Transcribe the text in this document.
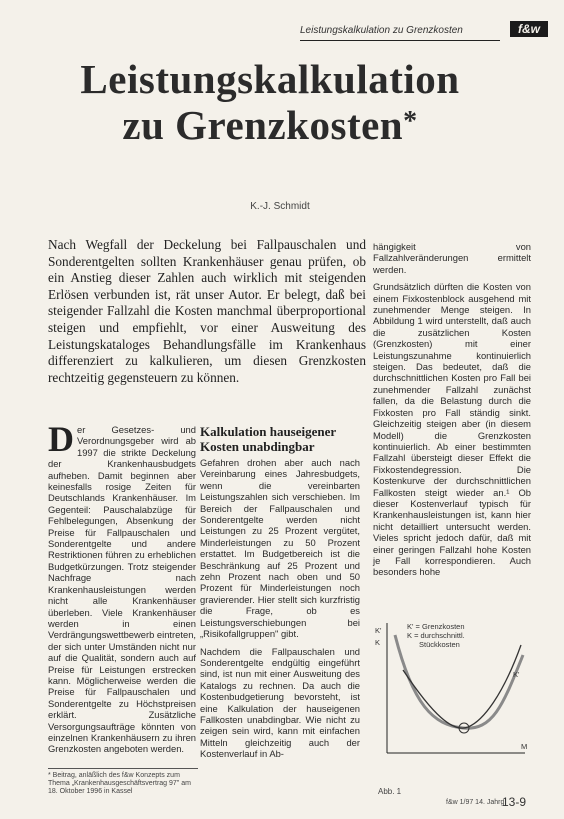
Leistungskalkulation zu Grenzkosten	f&w
Leistungskalkulation
zu Grenzkosten*
K.-J. Schmidt
Nach Wegfall der Deckelung bei Fallpauschalen und Sonderentgelten sollten Krankenhäuser genau prüfen, ob ein Anstieg dieser Zahlen auch wirklich mit steigenden Erlösen verbunden ist, rät unser Autor. Er belegt, daß bei steigender Fallzahl die Kosten manchmal überproportional steigen und empfiehlt, vor einer Ausweitung des Leistungskataloges Behandlungsfälle im Krankenhaus differenziert zu kalkulieren, um diesen Grenzkosten rechtzeitig gegensteuern zu können.
Der Gesetzes- und Verordnungsgeber wird ab 1997 die strikte Deckelung der Krankenhausbudgets aufheben. Damit beginnen aber keinesfalls rosige Zeiten für Deutschlands Krankenhäuser. Im Gegenteil: Pauschalabzüge für Fehlbelegungen, Absenkung der Preise für Fallpauschalen und Sonderentgelte und andere Restriktionen führen zu erheblichen Budgetkürzungen. Trotz steigender Nachfrage nach Krankenhausleistungen werden nicht alle Krankenhäuser überleben. Viele Krankenhäuser werden in einen Verdrängungswettbewerb eintreten, der sich unter Umständen nicht nur auf die Qualität, sondern auch auf Preise für Leistungen erstrecken kann. Möglicherweise werden die Preise für Fallpauschalen und Sonderentgelte zu Höchstpreisen erklärt. Zusätzliche Versorgungsaufträge könnten von einzelnen Krankenhäusern zu ihren Grenzkosten angeboten werden.
Kalkulation hauseigener Kosten unabdingbar

Gefahren drohen aber auch nach Vereinbarung eines Jahresbudgets, wenn die vereinbarten Leistungszahlen sich verschieben. Im Bereich der Fallpauschalen und Sonderentgelte werden nicht Leistungen zu 25 Prozent vergütet, Minderleistungen zu 50 Prozent erstattet. Im Budgetbereich ist die Beschränkung auf 25 Prozent und zehn Prozent nach oben und 50 Prozent für Minderleistungen noch gravierender. Hier stellt sich kurzfristig die Frage, ob es Leistungsverschiebungen bei „Risikofallgruppen" gibt.

Nachdem die Fallpauschalen und Sonderentgelte endgültig eingeführt sind, ist nun mit einer Ausweitung des Katalogs zu rechnen. Da auch die Kostenbudgetierung bevorsteht, ist eine Kalkulation der hauseigenen Fallkosten unabdingbar. Wie nicht zu zeigen sein wird, kann mit einfachen Mitteln gleichzeitig auch der Kostenverlauf in Ab-

hängigkeit von Fallzahlveränderungen ermittelt werden.

Grundsätzlich dürften die Kosten von einem Fixkostenblock ausgehend mit zunehmender Menge steigen. In Abbildung 1 wird unterstellt, daß auch die zusätzlichen Kosten (Grenzkosten) mit einer Leistungszunahme kontinuierlich steigen. Das bedeutet, daß die durchschnittlichen Kosten pro Fall bei zunehmender Fallzahl zunächst fallen, da die Belastung durch die Fixkosten pro Fall ständig sinkt. Gleichzeitig steigen aber (in diesem Modell) die Grenzkosten kontinuierlich. Ab einer bestimmten Fallzahl übersteigt dieser Effekt die Fixkostendegression. Die Kostenkurve der durchschnittlichen Fallkosten steigt wieder an.¹ Ob dieser Kostenverlauf typisch für Krankenhausleistungen ist, kann hier nicht detailliert untersucht werden. Vieles spricht jedoch dafür, daß mit einer geringen Fallzahl hohe Kosten je Fall korrespondieren. Auch besonders hohe

K' = Grenzkosten
K = durchschnittl.
Stückkosten
K'
K
K'
M
Abb. 1
* Beitrag, anläßlich des f&w Konzepts zum Thema „Krankenhausgeschäftsvertrag 97" am 18. Oktober 1996 in Kassel
f&w 1/97 14. Jahrg.
13-9
